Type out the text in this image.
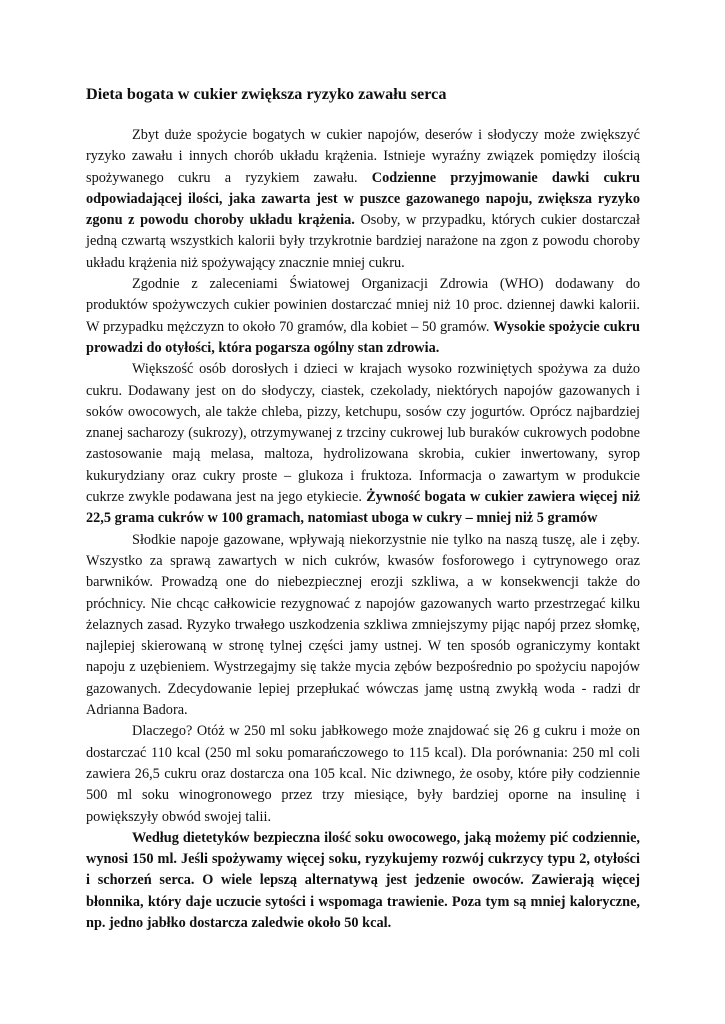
Dieta bogata w cukier zwiększa ryzyko zawału serca

Zbyt duże spożycie bogatych w cukier napojów, deserów i słodyczy może zwiększyć ryzyko zawału i innych chorób układu krążenia. Istnieje wyraźny związek pomiędzy ilością spożywanego cukru a ryzykiem zawału. Codzienne przyjmowanie dawki cukru odpowiadającej ilości, jaka zawarta jest w puszce gazowanego napoju, zwiększa ryzyko zgonu z powodu choroby układu krążenia. Osoby, w przypadku, których cukier dostarczał jedną czwartą wszystkich kalorii były trzykrotnie bardziej narażone na zgon z powodu choroby układu krążenia niż spożywający znacznie mniej cukru.

Zgodnie z zaleceniami Światowej Organizacji Zdrowia (WHO) dodawany do produktów spożywczych cukier powinien dostarczać mniej niż 10 proc. dziennej dawki kalorii. W przypadku mężczyzn to około 70 gramów, dla kobiet – 50 gramów. Wysokie spożycie cukru prowadzi do otyłości, która pogarsza ogólny stan zdrowia.

Większość osób dorosłych i dzieci w krajach wysoko rozwiniętych spożywa za dużo cukru. Dodawany jest on do słodyczy, ciastek, czekolady, niektórych napojów gazowanych i soków owocowych, ale także chleba, pizzy, ketchupu, sosów czy jogurtów. Oprócz najbardziej znanej sacharozy (sukrozy), otrzymywanej z trzciny cukrowej lub buraków cukrowych podobne zastosowanie mają melasa, maltoza, hydrolizowana skrobia, cukier inwertowany, syrop kukurydziany oraz cukry proste – glukoza i fruktoza. Informacja o zawartym w produkcie cukrze zwykle podawana jest na jego etykiecie. Żywność bogata w cukier zawiera więcej niż 22,5 grama cukrów w 100 gramach, natomiast uboga w cukry – mniej niż 5 gramów

Słodkie napoje gazowane, wpływają niekorzystnie nie tylko na naszą tuszę, ale i zęby. Wszystko za sprawą zawartych w nich cukrów, kwasów fosforowego i cytrynowego oraz barwników. Prowadzą one do niebezpiecznej erozji szkliwa, a w konsekwencji także do próchnicy. Nie chcąc całkowicie rezygnować z napojów gazowanych warto przestrzegać kilku żelaznych zasad. Ryzyko trwałego uszkodzenia szkliwa zmniejszymy pijąc napój przez słomkę, najlepiej skierowaną w stronę tylnej części jamy ustnej. W ten sposób ograniczymy kontakt napoju z uzębieniem. Wystrzegajmy się także mycia zębów bezpośrednio po spożyciu napojów gazowanych. Zdecydowanie lepiej przepłukać wówczas jamę ustną zwykłą woda - radzi dr Adrianna Badora.

Dlaczego? Otóż w 250 ml soku jabłkowego może znajdować się 26 g cukru i może on dostarczać 110 kcal (250 ml soku pomarańczowego to 115 kcal). Dla porównania: 250 ml coli zawiera 26,5 cukru oraz dostarcza ona 105 kcal. Nic dziwnego, że osoby, które piły codziennie 500 ml soku winogronowego przez trzy miesiące, były bardziej oporne na insulinę i powiększyły obwód swojej talii.

Według dietetyków bezpieczna ilość soku owocowego, jaką możemy pić codziennie, wynosi 150 ml. Jeśli spożywamy więcej soku, ryzykujemy rozwój cukrzycy typu 2, otyłości i schorzeń serca. O wiele lepszą alternatywą jest jedzenie owoców. Zawierają więcej błonnika, który daje uczucie sytości i wspomaga trawienie. Poza tym są mniej kaloryczne, np. jedno jabłko dostarcza zaledwie około 50 kcal.
